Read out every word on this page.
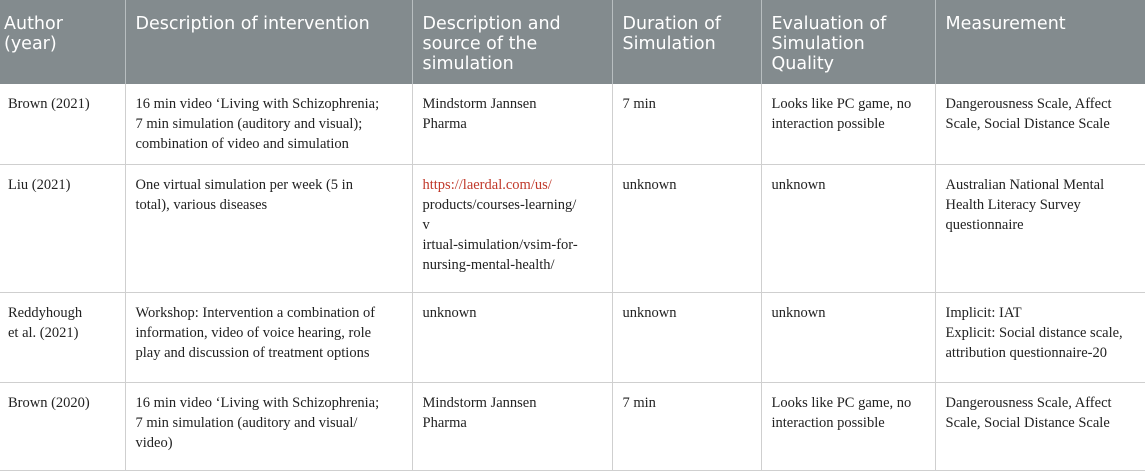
Author
(year)	Description of intervention	Description and
source of the
simulation	Duration of
Simulation	Evaluation of
Simulation
Quality	Measurement

Brown (2021)	16 min video ‘Living with Schizophrenia;
7 min simulation (auditory and visual);
combination of video and simulation	Mindstorm Jannsen
Pharma	7 min	Looks like PC game, no
interaction possible	Dangerousness Scale, Affect
Scale, Social Distance Scale

Liu (2021)	One virtual simulation per week (5 in
total), various diseases	https://laerdal.com/us/
products/courses-learning/
v
irtual-simulation/vsim-for-
nursing-mental-health/	unknown	unknown	Australian National Mental
Health Literacy Survey
questionnaire

Reddyhough
et al. (2021)	Workshop: Intervention a combination of
information, video of voice hearing, role
play and discussion of treatment options	unknown	unknown	unknown	Implicit: IAT
Explicit: Social distance scale,
attribution questionnaire-20

Brown (2020)	16 min video ‘Living with Schizophrenia;
7 min simulation (auditory and visual/
video)	Mindstorm Jannsen
Pharma	7 min	Looks like PC game, no
interaction possible	Dangerousness Scale, Affect
Scale, Social Distance Scale
